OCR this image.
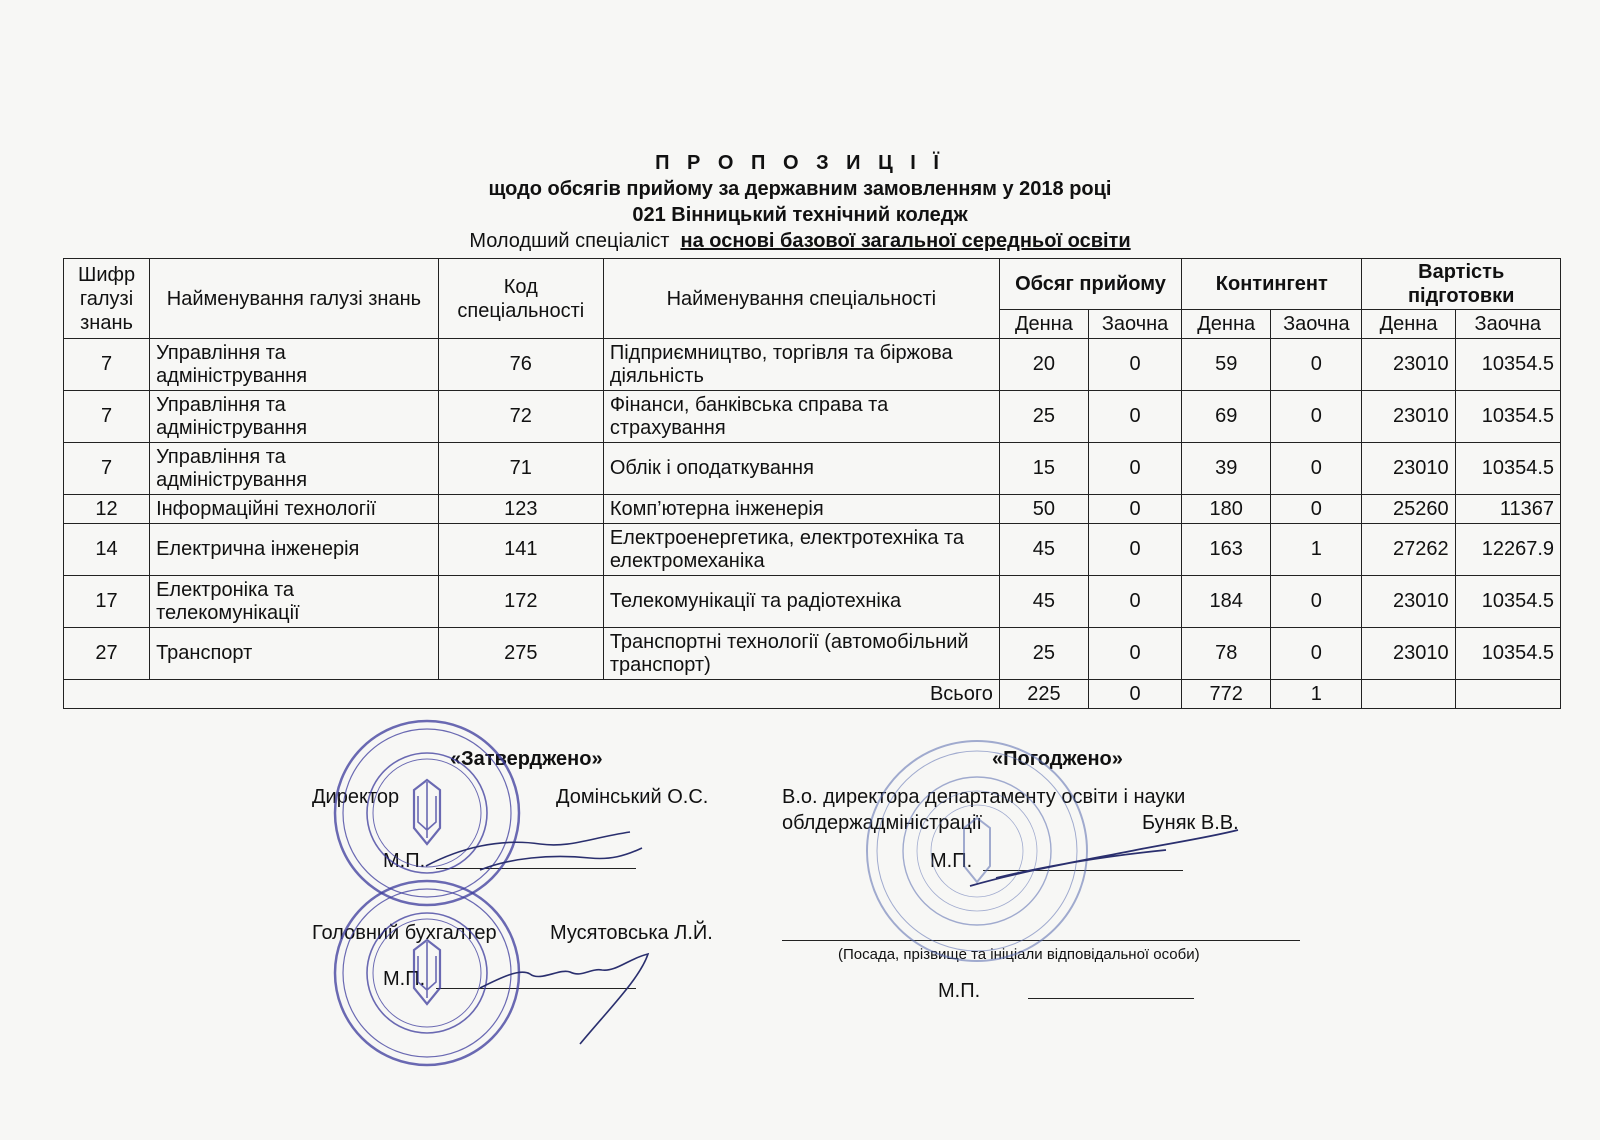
П Р О П О З И Ц І Ї
щодо обсягів прийому за державним замовленням у 2018 році
021 Вінницький технічний коледж
Молодший спеціаліст на основі базової загальної середньої освіти
Шифр галузі знань	Найменування галузі знань	Код спеціальності	Найменування спеціальності	Обсяг прийому		Контингент		Вартість підготовки	
				Денна	Заочна	Денна	Заочна	Денна	Заочна
7	Управління та адміністрування	76	Підприємництво, торгівля та біржова діяльність	20	0	59	0	23010	10354.5
7	Управління та адміністрування	72	Фінанси, банківська справа та страхування	25	0	69	0	23010	10354.5
7	Управління та адміністрування	71	Облік і оподаткування	15	0	39	0	23010	10354.5
12	Інформаційні технології	123	Комп’ютерна інженерія	50	0	180	0	25260	11367
14	Електрична інженерія	141	Електроенергетика, електротехніка та електромеханіка	45	0	163	1	27262	12267.9
17	Електроніка та телекомунікації	172	Телекомунікації та радіотехніка	45	0	184	0	23010	10354.5
27	Транспорт	275	Транспортні технології (автомобільний транспорт)	25	0	78	0	23010	10354.5
Всього				225	0	772	1		
«Затверджено»
Директор	Домінський О.С.
М.П.
Головний бухгалтер	Мусятовська Л.Й.
М.П.
«Погоджено»
В.о. директора департаменту освіти і науки
облдержадміністрації	Буняк В.В.
М.П.
(Посада, прізвище та ініціали відповідальної особи)
М.П.
